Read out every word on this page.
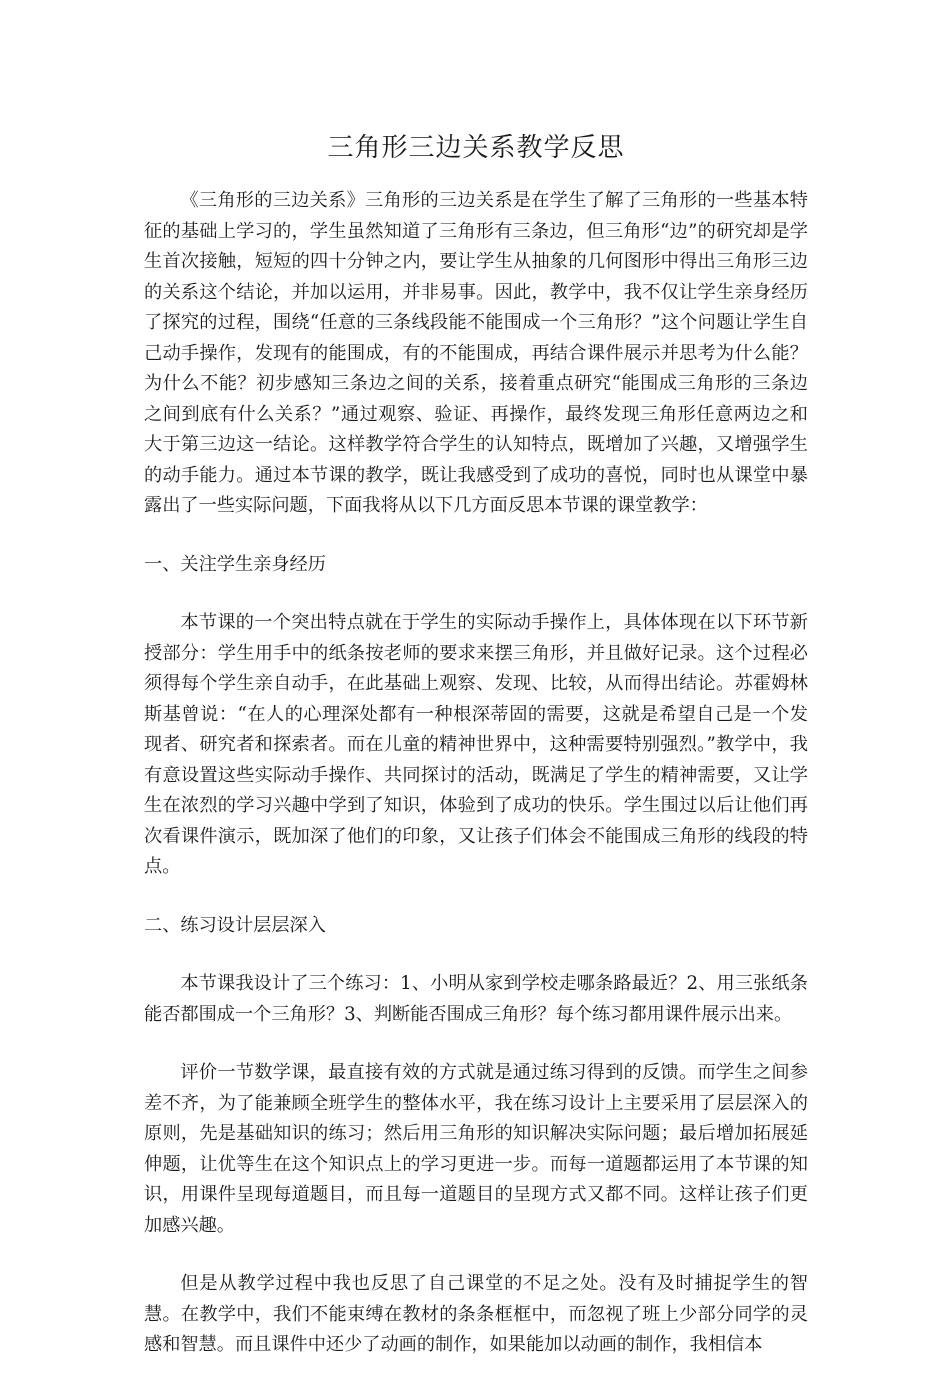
三角形三边关系教学反思

《三角形的三边关系》三角形的三边关系是在学生了解了三角形的一些基本特征的基础上学习的，学生虽然知道了三角形有三条边，但三角形“边”的研究却是学生首次接触，短短的四十分钟之内，要让学生从抽象的几何图形中得出三角形三边的关系这个结论，并加以运用，并非易事。因此，教学中，我不仅让学生亲身经历了探究的过程，围绕“任意的三条线段能不能围成一个三角形？”这个问题让学生自己动手操作，发现有的能围成，有的不能围成，再结合课件展示并思考为什么能？为什么不能？初步感知三条边之间的关系，接着重点研究“能围成三角形的三条边之间到底有什么关系？”通过观察、验证、再操作，最终发现三角形任意两边之和大于第三边这一结论。这样教学符合学生的认知特点，既增加了兴趣，又增强学生的动手能力。通过本节课的教学，既让我感受到了成功的喜悦，同时也从课堂中暴露出了一些实际问题，下面我将从以下几方面反思本节课的课堂教学：

一、关注学生亲身经历

本节课的一个突出特点就在于学生的实际动手操作上，具体体现在以下环节新授部分：学生用手中的纸条按老师的要求来摆三角形，并且做好记录。这个过程必须得每个学生亲自动手，在此基础上观察、发现、比较，从而得出结论。苏霍姆林斯基曾说：“在人的心理深处都有一种根深蒂固的需要，这就是希望自己是一个发现者、研究者和探索者。而在儿童的精神世界中，这种需要特别强烈。”教学中，我有意设置这些实际动手操作、共同探讨的活动，既满足了学生的精神需要，又让学生在浓烈的学习兴趣中学到了知识，体验到了成功的快乐。学生围过以后让他们再次看课件演示，既加深了他们的印象，又让孩子们体会不能围成三角形的线段的特点。

二、练习设计层层深入

本节课我设计了三个练习：1、小明从家到学校走哪条路最近？2、用三张纸条能否都围成一个三角形？3、判断能否围成三角形？每个练习都用课件展示出来。

评价一节数学课，最直接有效的方式就是通过练习得到的反馈。而学生之间参差不齐，为了能兼顾全班学生的整体水平，我在练习设计上主要采用了层层深入的原则，先是基础知识的练习；然后用三角形的知识解决实际问题；最后增加拓展延伸题，让优等生在这个知识点上的学习更进一步。而每一道题都运用了本节课的知识，用课件呈现每道题目，而且每一道题目的呈现方式又都不同。这样让孩子们更加感兴趣。

但是从教学过程中我也反思了自己课堂的不足之处。没有及时捕捉学生的智慧。在教学中，我们不能束缚在教材的条条框框中，而忽视了班上少部分同学的灵感和智慧。而且课件中还少了动画的制作，如果能加以动画的制作，我相信本
